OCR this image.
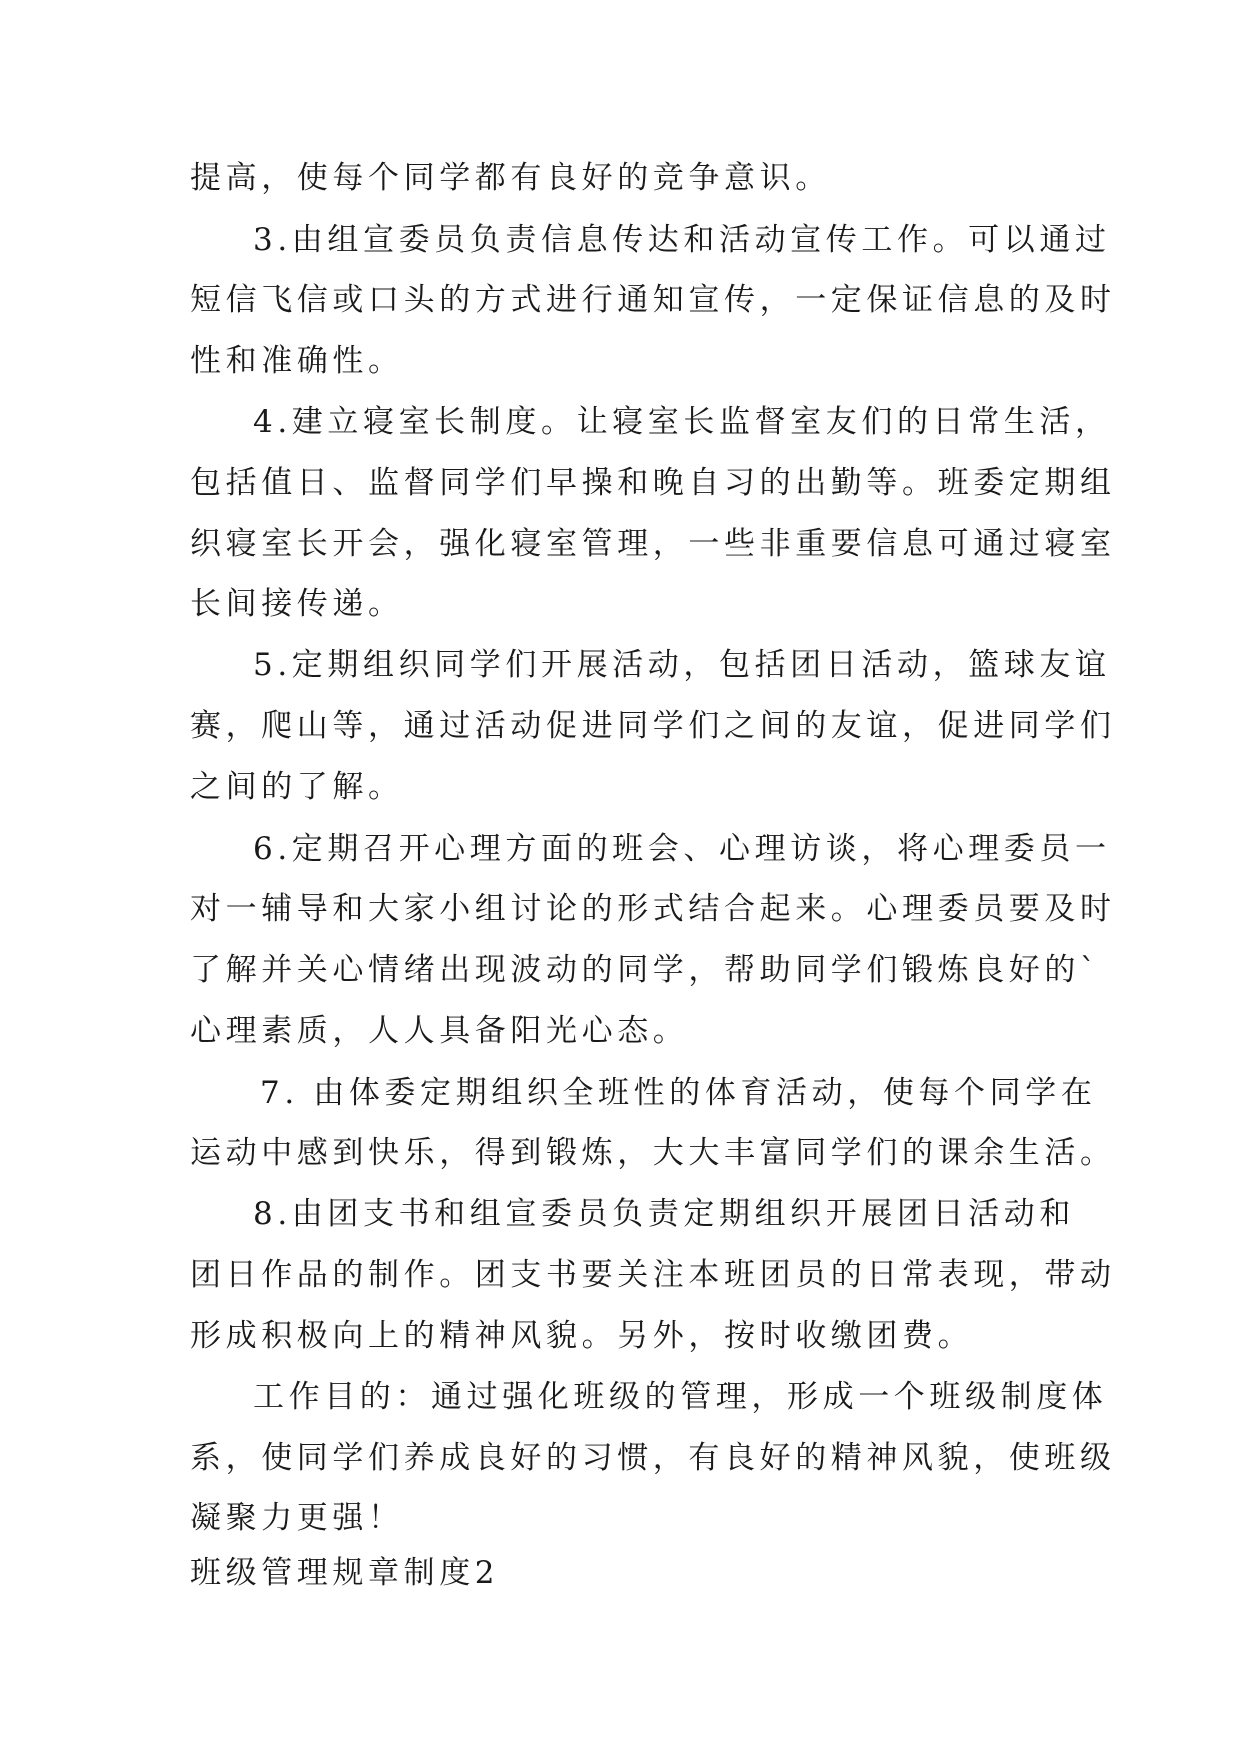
提高，使每个同学都有良好的竞争意识。
3.由组宣委员负责信息传达和活动宣传工作。可以通过
短信飞信或口头的方式进行通知宣传，一定保证信息的及时
性和准确性。
4.建立寝室长制度。让寝室长监督室友们的日常生活，
包括值日、监督同学们早操和晚自习的出勤等。班委定期组
织寝室长开会，强化寝室管理，一些非重要信息可通过寝室
长间接传递。
5.定期组织同学们开展活动，包括团日活动，篮球友谊
赛，爬山等，通过活动促进同学们之间的友谊，促进同学们
之间的了解。
6.定期召开心理方面的班会、心理访谈，将心理委员一
对一辅导和大家小组讨论的形式结合起来。心理委员要及时
了解并关心情绪出现波动的同学，帮助同学们锻炼良好的`
心理素质，人人具备阳光心态。
7. 由体委定期组织全班性的体育活动，使每个同学在
运动中感到快乐，得到锻炼，大大丰富同学们的课余生活。
8.由团支书和组宣委员负责定期组织开展团日活动和
团日作品的制作。团支书要关注本班团员的日常表现，带动
形成积极向上的精神风貌。另外，按时收缴团费。
工作目的：通过强化班级的管理，形成一个班级制度体
系，使同学们养成良好的习惯，有良好的精神风貌，使班级
凝聚力更强！
班级管理规章制度2
